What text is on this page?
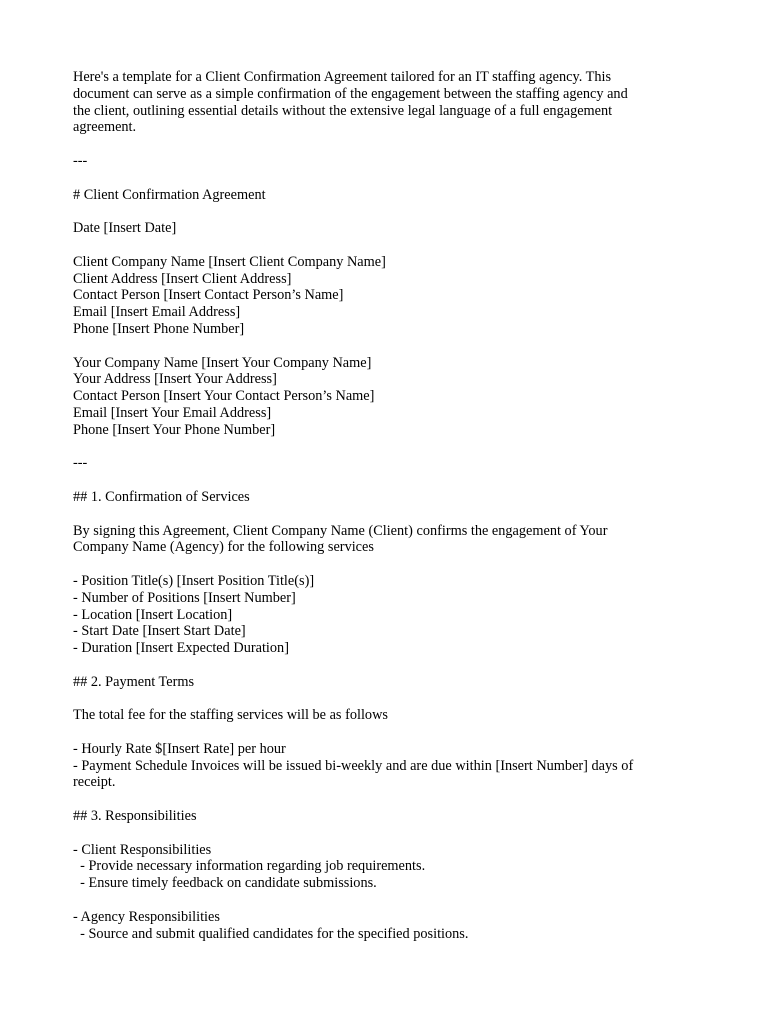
Here's a template for a Client Confirmation Agreement tailored for an IT staffing agency. This
document can serve as a simple confirmation of the engagement between the staffing agency and
the client, outlining essential details without the extensive legal language of a full engagement
agreement.

---

# Client Confirmation Agreement

Date [Insert Date]

Client Company Name [Insert Client Company Name]
Client Address [Insert Client Address]
Contact Person [Insert Contact Person’s Name]
Email [Insert Email Address]
Phone [Insert Phone Number]

Your Company Name [Insert Your Company Name]
Your Address [Insert Your Address]
Contact Person [Insert Your Contact Person’s Name]
Email [Insert Your Email Address]
Phone [Insert Your Phone Number]

---

## 1. Confirmation of Services

By signing this Agreement, Client Company Name (Client) confirms the engagement of Your
Company Name (Agency) for the following services

- Position Title(s) [Insert Position Title(s)]
- Number of Positions [Insert Number]
- Location [Insert Location]
- Start Date [Insert Start Date]
- Duration [Insert Expected Duration]

## 2. Payment Terms

The total fee for the staffing services will be as follows

- Hourly Rate $[Insert Rate] per hour
- Payment Schedule Invoices will be issued bi-weekly and are due within [Insert Number] days of
receipt.

## 3. Responsibilities

- Client Responsibilities
- Provide necessary information regarding job requirements.
- Ensure timely feedback on candidate submissions.

- Agency Responsibilities
- Source and submit qualified candidates for the specified positions.
